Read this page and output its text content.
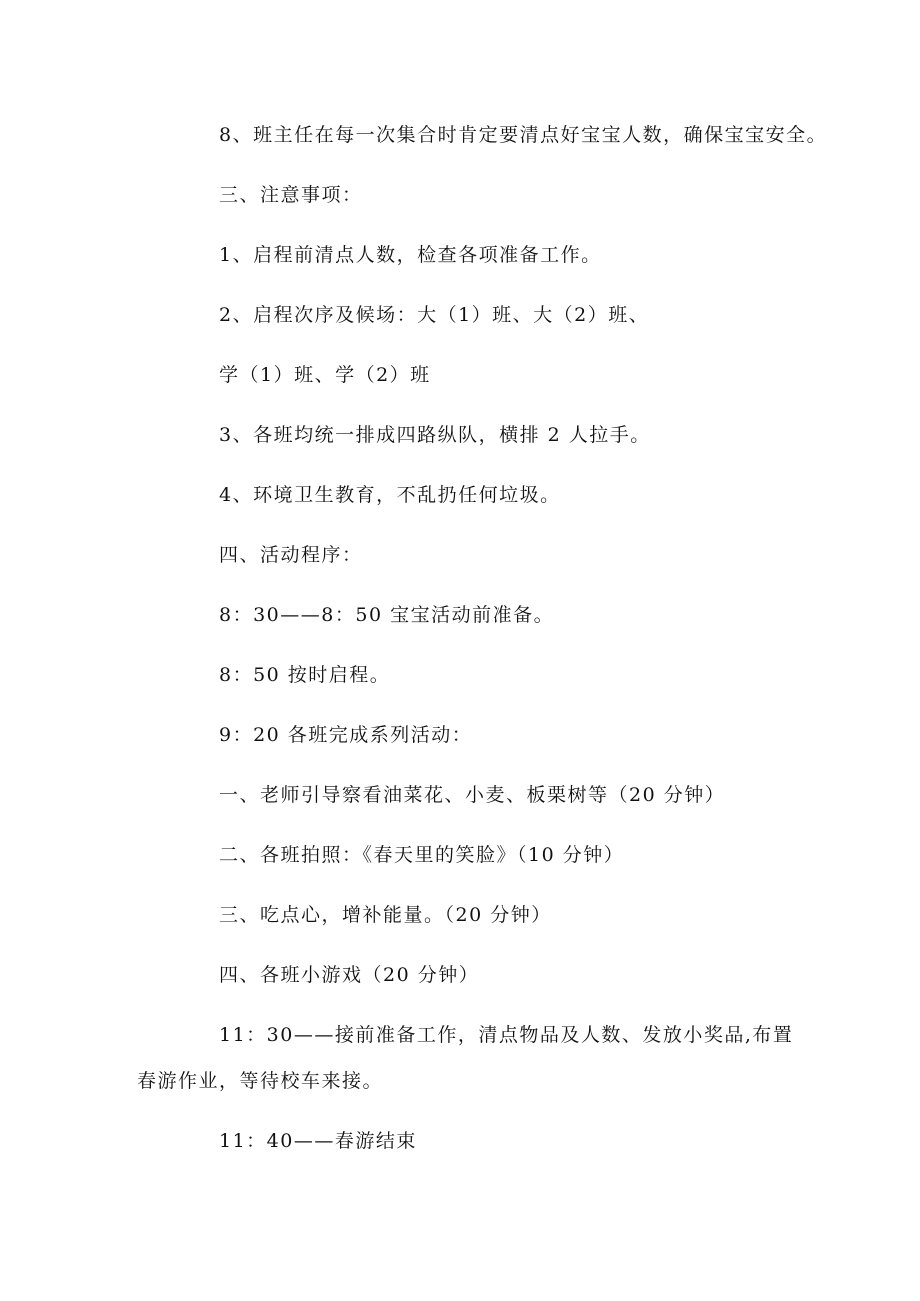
8、班主任在每一次集合时肯定要清点好宝宝人数，确保宝宝安全。
三、注意事项：
1、启程前清点人数，检查各项准备工作。
2、启程次序及候场：大（1）班、大（2）班、
学（1）班、学（2）班
3、各班均统一排成四路纵队，横排 2 人拉手。
4、环境卫生教育，不乱扔任何垃圾。
四、活动程序：
8：30——8：50 宝宝活动前准备。
8：50 按时启程。
9：20 各班完成系列活动：
一、老师引导察看油菜花、小麦、板栗树等（20 分钟）
二、各班拍照：《春天里的笑脸》（10 分钟）
三、吃点心，增补能量。（20 分钟）
四、各班小游戏（20 分钟）
11：30——接前准备工作，清点物品及人数、发放小奖品,布置
春游作业，等待校车来接。
11：40——春游结束
